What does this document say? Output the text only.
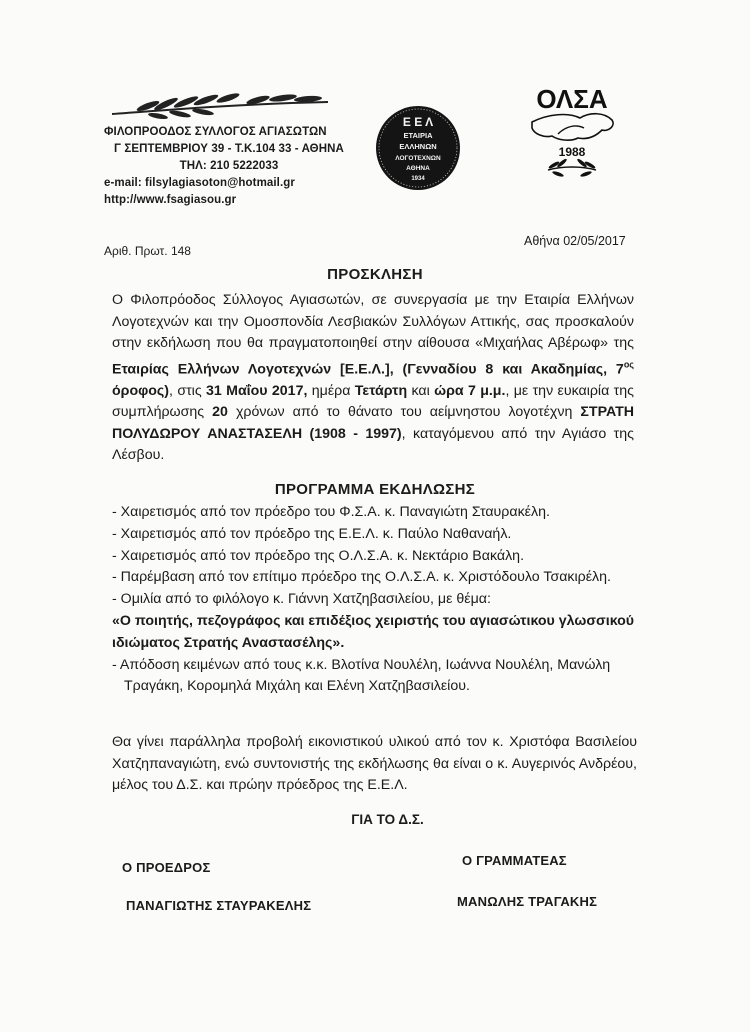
ΦΙΛΟΠΡΟΟΔΟΣ ΣΥΛΛΟΓΟΣ ΑΓΙΑΣΩΤΩΝ
Γ ΣΕΠΤΕΜΒΡΙΟΥ 39 - Τ.Κ.104 33 - ΑΘΗΝΑ
ΤΗΛ: 210 5222033
e-mail: filsylagiasoton@hotmail.gr
http://www.fsagiasou.gr
Ε Ε Λ
ΕΤΑΙΡΙΑ
ΕΛΛΗΝΩΝ
ΛΟΓΟΤΕΧΝΩΝ
ΑΘΗΝΑ
1934
ΟΛΣΑ
1988
Αριθ. Πρωτ. 148
Αθήνα 02/05/2017
ΠΡΟΣΚΛΗΣΗ
Ο Φιλοπρόοδος Σύλλογος Αγιασωτών, σε συνεργασία με την Εταιρία Ελλήνων Λογοτεχνών και την Ομοσπονδία Λεσβιακών Συλλόγων Αττικής, σας προσκαλούν στην εκδήλωση που θα πραγματοποιηθεί στην αίθουσα «Μιχαήλας Αβέρωφ» της Εταιρίας Ελλήνων Λογοτεχνών [Ε.Ε.Λ.], (Γενναδίου 8 και Ακαδημίας, $7^{o\varsigma}$ όροφος), στις 31 Μαΐου 2017, ημέρα Τετάρτη και ώρα 7 μ.μ., με την ευκαιρία της συμπλήρωσης 20 χρόνων από το θάνατο του αείμνηστου λογοτέχνη ΣΤΡΑΤΗ ΠΟΛΥΔΩΡΟΥ ΑΝΑΣΤΑΣΕΛΗ (1908 - 1997), καταγόμενου από την Αγιάσο της Λέσβου.
ΠΡΟΓΡΑΜΜΑ ΕΚΔΗΛΩΣΗΣ
- Χαιρετισμός από τον πρόεδρο του Φ.Σ.Α. κ. Παναγιώτη Σταυρακέλη.
- Χαιρετισμός από τον πρόεδρο της Ε.Ε.Λ. κ. Παύλο Ναθαναήλ.
- Χαιρετισμός από τον πρόεδρο της Ο.Λ.Σ.Α. κ. Νεκτάριο Βακάλη.
- Παρέμβαση από τον επίτιμο πρόεδρο της Ο.Λ.Σ.Α. κ. Χριστόδουλο Τσακιρέλη.
- Ομιλία από το φιλόλογο κ. Γιάννη Χατζηβασιλείου, με θέμα:
«Ο ποιητής, πεζογράφος και επιδέξιος χειριστής του αγιασώτικου γλωσσικού ιδιώματος Στρατής Αναστασέλης».
- Απόδοση κειμένων από τους κ.κ. Βλοτίνα Νουλέλη, Ιωάννα Νουλέλη, Μανώλη Τραγάκη, Κορομηλά Μιχάλη και Ελένη Χατζηβασιλείου.
Θα γίνει παράλληλα προβολή εικονιστικού υλικού από τον κ. Χριστόφα Βασιλείου Χατζηπαναγιώτη, ενώ συντονιστής της εκδήλωσης θα είναι ο κ. Αυγερινός Ανδρέου, μέλος του Δ.Σ. και πρώην πρόεδρος της Ε.Ε.Λ.
ΓΙΑ ΤΟ Δ.Σ.
Ο ΠΡΟΕΔΡΟΣ	Ο ΓΡΑΜΜΑΤΕΑΣ
ΠΑΝΑΓΙΩΤΗΣ ΣΤΑΥΡΑΚΕΛΗΣ	ΜΑΝΩΛΗΣ ΤΡΑΓΑΚΗΣ
